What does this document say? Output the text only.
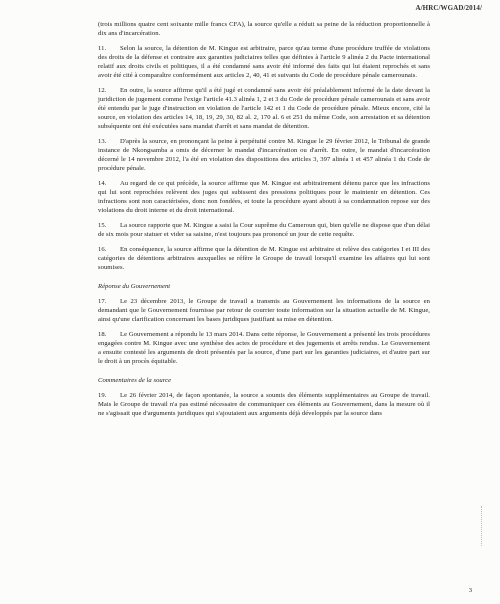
A/HRC/WGAD/2014/

(trois millions quatre cent soixante mille francs CFA), la source qu'elle a réduit sa peine de la réduction proportionnelle à dix ans d'incarcération.

11. Selon la source, la détention de M. Kingue est arbitraire, parce qu'au terme d'une procédure truffée de violations des droits de la défense et contraire aux garanties judiciaires telles que définies à l'article 9 alinéa 2 du Pacte international relatif aux droits civils et politiques, il a été condamné sans avoir été informé des faits qui lui étaient reprochés et sans avoir été cité à comparaître conformément aux articles 2, 40, 41 et suivants du Code de procédure pénale camerounais.

12. En outre, la source affirme qu'il a été jugé et condamné sans avoir été préalablement informé de la date devant la juridiction de jugement comme l'exige l'article 41.3 alinéa 1, 2 et 3 du Code de procédure pénale camerounais et sans avoir été entendu par le juge d'instruction en violation de l'article 142 et 1 du Code de procédure pénale. Mieux encore, cité la source, en violation des articles 14, 18, 19, 29, 30, 82 al. 2, 170 al. 6 et 251 du même Code, son arrestation et sa détention subséquente ont été exécutées sans mandat d'arrêt et sans mandat de détention.

13. D'après la source, en prononçant la peine à perpétuité contre M. Kingue le 29 février 2012, le Tribunal de grande instance de Nkongsamba a omis de décerner le mandat d'incarcération ou d'arrêt. En outre, le mandat d'incarcération décerné le 14 novembre 2012, l'a été en violation des dispositions des articles 3, 397 alinéa 1 et 457 alinéa 1 du Code de procédure pénale.

14. Au regard de ce qui précède, la source affirme que M. Kingue est arbitrairement détenu parce que les infractions qui lui sont reprochées relèvent des juges qui subissent des pressions politiques pour le maintenir en détention. Ces infractions sont non caractérisées, donc non fondées, et toute la procédure ayant abouti à sa condamnation repose sur des violations du droit interne et du droit international.

15. La source rapporte que M. Kingue a saisi la Cour suprême du Cameroun qui, bien qu'elle ne dispose que d'un délai de six mois pour statuer et vider sa saisine, n'est toujours pas prononcé un jour de cette requête.

16. En conséquence, la source affirme que la détention de M. Kingue est arbitraire et relève des catégories I et III des catégories de détentions arbitraires auxquelles se réfère le Groupe de travail lorsqu'il examine les affaires qui lui sont soumises.

Réponse du Gouvernement

17. Le 23 décembre 2013, le Groupe de travail a transmis au Gouvernement les informations de la source en demandant que le Gouvernement fournisse par retour de courrier toute information sur la situation actuelle de M. Kingue, ainsi qu'une clarification concernant les bases juridiques justifiant sa mise en détention.

18. Le Gouvernement a répondu le 13 mars 2014. Dans cette réponse, le Gouvernement a présenté les trois procédures engagées contre M. Kingue avec une synthèse des actes de procédure et des jugements et arrêts rendus. Le Gouvernement a ensuite contesté les arguments de droit présentés par la source, d'une part sur les garanties judiciaires, et d'autre part sur le droit à un procès équitable.

Commentaires de la source

19. Le 26 février 2014, de façon spontanée, la source a soumis des éléments supplémentaires au Groupe de travail. Mais le Groupe de travail n'a pas estimé nécessaire de communiquer ces éléments au Gouvernement, dans la mesure où il ne s'agissait que d'arguments juridiques qui s'ajoutaient aux arguments déjà développés par la source dans

3
